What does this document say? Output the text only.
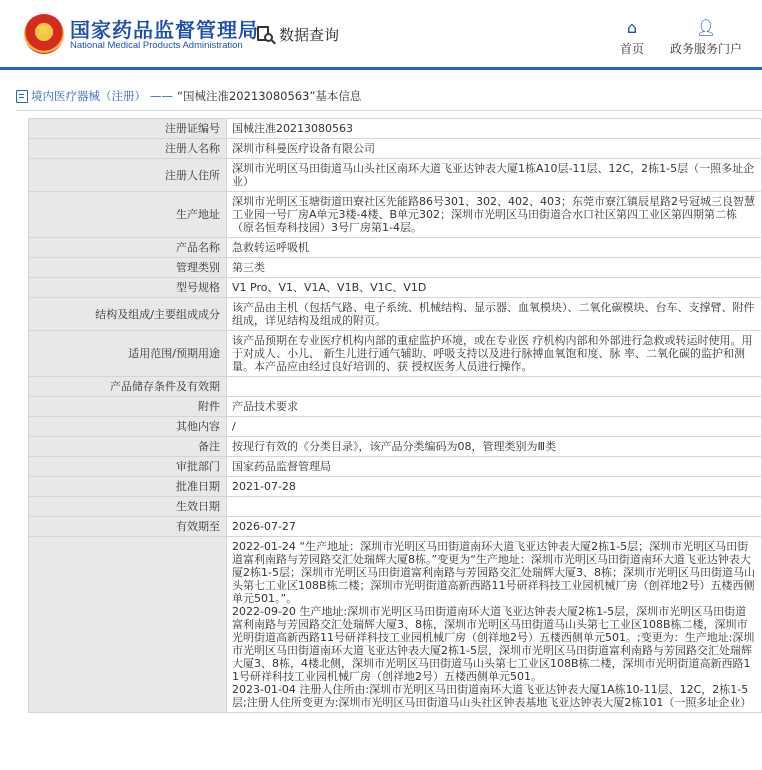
★
国家药品监督管理局
National Medical Products Administration
数据查询	⌂
首页
👤︎
政务服务门户
境内医疗器械（注册） —— “国械注准20213080563”基本信息
注册证编号	国械注准20213080563
注册人名称	深圳市科曼医疗设备有限公司
注册人住所	深圳市光明区马田街道马山头社区南环大道飞亚达钟表大厦1栋A10层-11层、12C，2栋1-5层（一照多址企业）
生产地址	深圳市光明区玉塘街道田寮社区先能路86号301、302、402、403；东莞市寮江镇辰星路2号冠城三良智慧工业园一号厂房A单元3楼-4楼、B单元302；深圳市光明区马田街道合水口社区第四工业区第四期第二栋（原名恒寿科技园）3号厂房第1-4层。
产品名称	急救转运呼吸机
管理类别	第三类
型号规格	V1 Pro、V1、V1A、V1B、V1C、V1D
结构及组成/主要组成成分	该产品由主机（包括气路、电子系统、机械结构、显示器、血氧模块）、二氧化碳模块、台车、支撑臂、附件组成，详见结构及组成的附页。
适用范围/预期用途	该产品预期在专业医疗机构内部的重症监护环境，或在专业医 疗机构内部和外部进行急救或转运时使用。用于对成人、小儿、 新生儿进行通气辅助、呼吸支持以及进行脉搏血氧饱和度、脉 率、二氧化碳的监护和测量。本产品应由经过良好培训的、获 授权医务人员进行操作。
产品储存条件及有效期	
附件	产品技术要求
其他内容	/
备注	按现行有效的《分类目录》，该产品分类编码为08，管理类别为Ⅲ类
审批部门	国家药品监督管理局
批准日期	2021-07-28
生效日期	
有效期至	2026-07-27

	2022-01-24 “生产地址：深圳市光明区马田街道南环大道飞亚达钟表大厦2栋1-5层；深圳市光明区马田街道富利南路与芳园路交汇处瑞辉大厦8栋。”变更为“生产地址：深圳市光明区马田街道南环大道飞亚达钟表大厦2栋1-5层；深圳市光明区马田街道富利南路与芳园路交汇处瑞辉大厦3、8栋；深圳市光明区马田街道马山头第七工业区108B栋二楼；深圳市光明街道高新西路11号研祥科技工业园机械厂房（创祥地2号）五楼西侧单元501。”。
2022-09-20 生产地址:深圳市光明区马田街道南环大道飞亚达钟表大厦2栋1-5层，深圳市光明区马田街道富利南路与芳园路交汇处瑞辉大厦3、8栋，深圳市光明区马田街道马山头第七工业区108B栋二楼，深圳市光明街道高新西路11号研祥科技工业园机械厂房（创祥地2号）五楼西侧单元501。;变更为：生产地址:深圳市光明区马田街道南环大道飞亚达钟表大厦2栋1-5层，深圳市光明区马田街道富利南路与芳园路交汇处瑞辉大厦3、8栋，4楼北侧，深圳市光明区马田街道马山头第七工业区108B栋二楼，深圳市光明街道高新西路11号研祥科技工业园机械厂房（创祥地2号）五楼西侧单元501。
2023-01-04 注册人住所由:深圳市光明区马田街道南环大道飞亚达钟表大厦1A栋10-11层、12C，2栋1-5层;注册人住所变更为:深圳市光明区马田街道马山头社区钟表基地飞亚达钟表大厦2栋101（一照多址企业）
